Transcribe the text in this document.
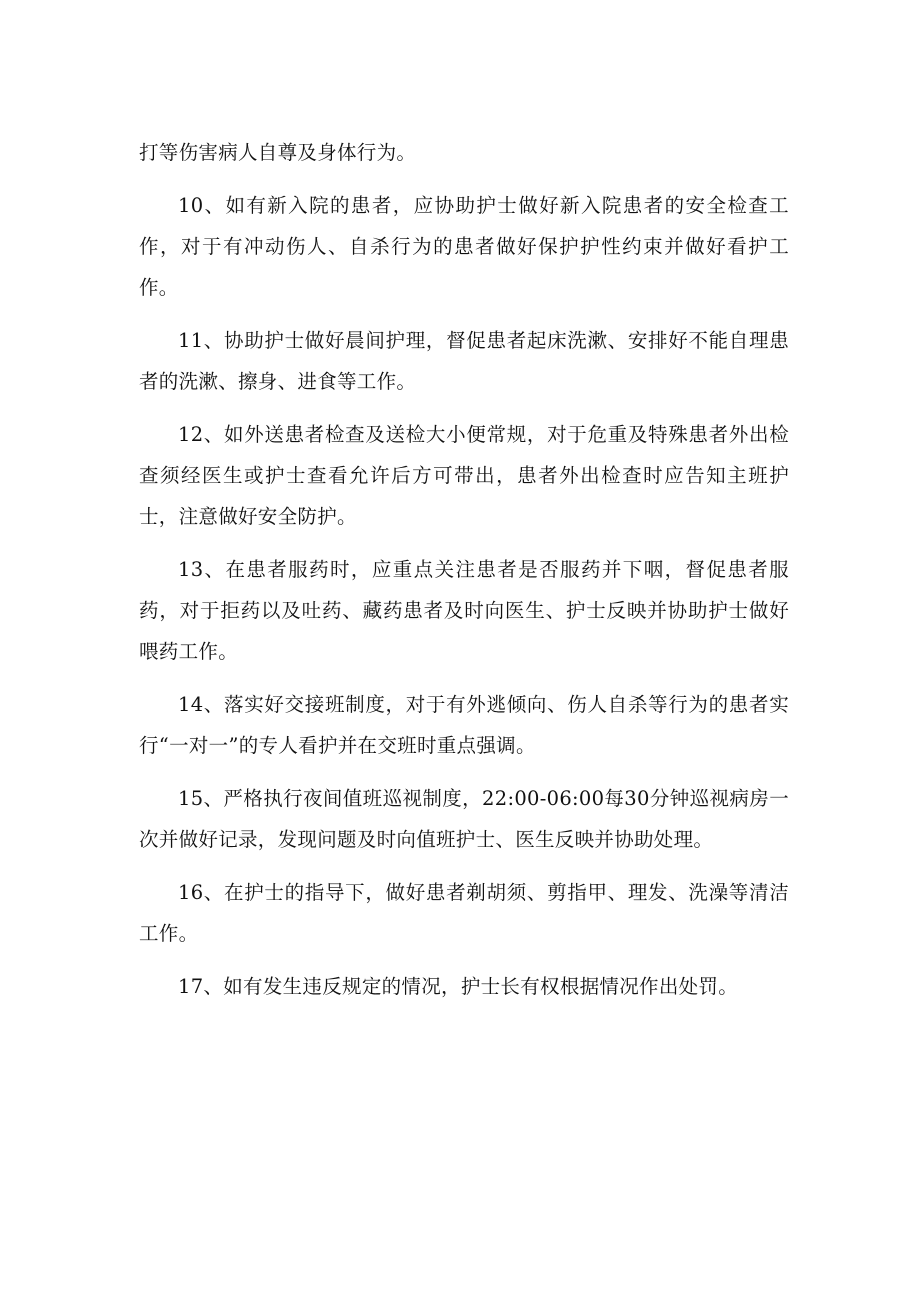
打等伤害病人自尊及身体行为。

10、如有新入院的患者，应协助护士做好新入院患者的安全检查工作，对于有冲动伤人、自杀行为的患者做好保护护性约束并做好看护工作。

11、协助护士做好晨间护理，督促患者起床洗漱、安排好不能自理患者的洗漱、擦身、进食等工作。

12、如外送患者检查及送检大小便常规，对于危重及特殊患者外出检查须经医生或护士查看允许后方可带出，患者外出检查时应告知主班护士，注意做好安全防护。

13、在患者服药时，应重点关注患者是否服药并下咽，督促患者服药，对于拒药以及吐药、藏药患者及时向医生、护士反映并协助护士做好喂药工作。

14、落实好交接班制度，对于有外逃倾向、伤人自杀等行为的患者实行“一对一”的专人看护并在交班时重点强调。

15、严格执行夜间值班巡视制度，22:00-06:00每30分钟巡视病房一次并做好记录，发现问题及时向值班护士、医生反映并协助处理。

16、在护士的指导下，做好患者剃胡须、剪指甲、理发、洗澡等清洁工作。

17、如有发生违反规定的情况，护士长有权根据情况作出处罚。
